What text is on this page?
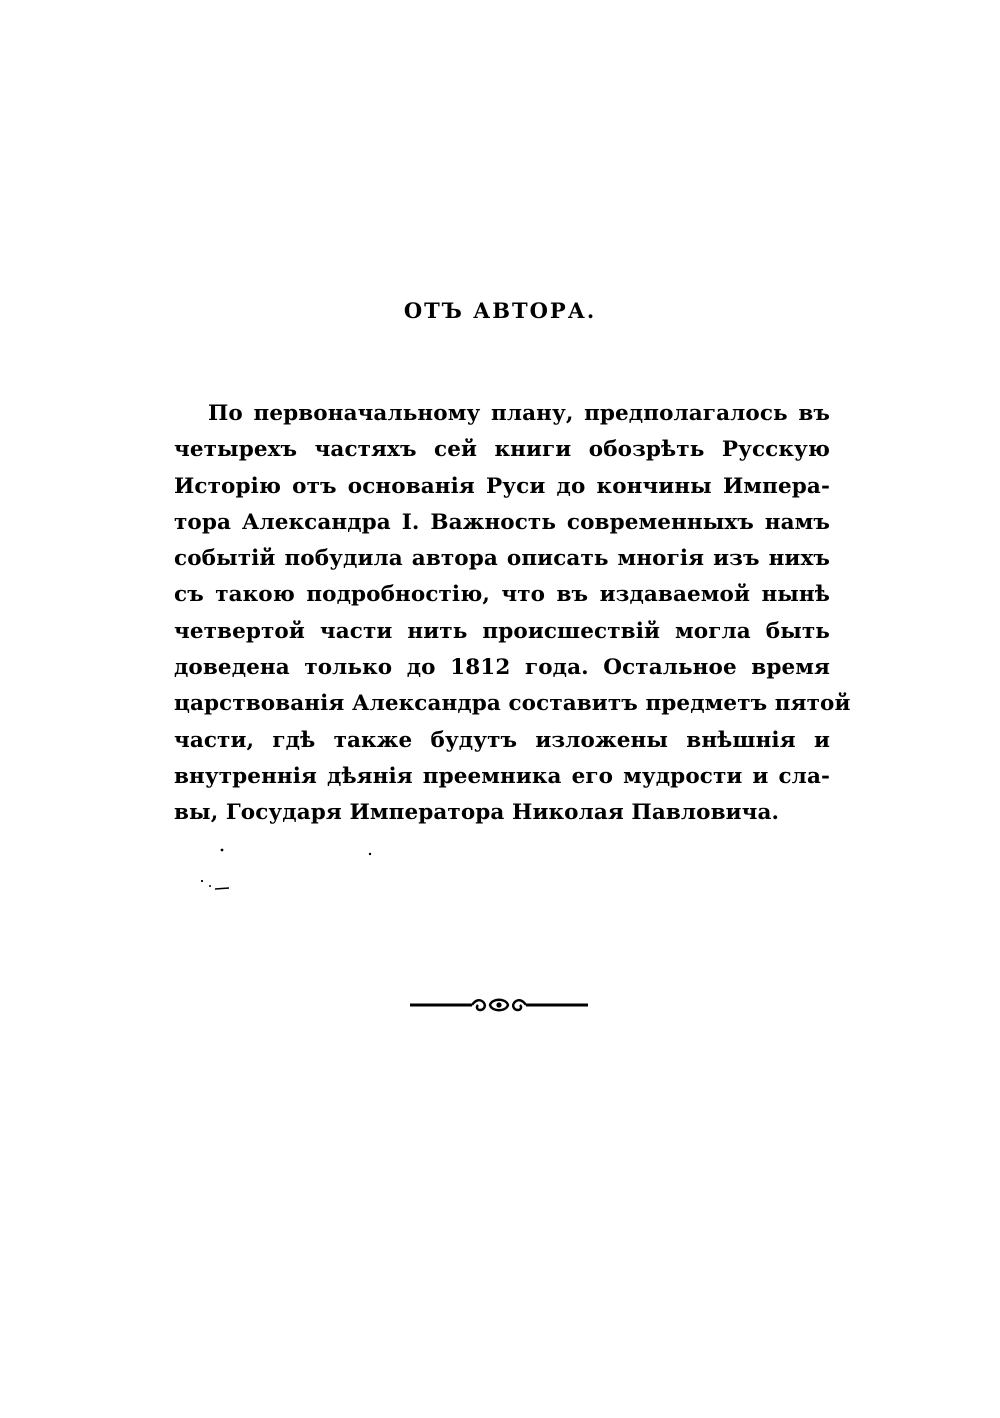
ОТЪ АВТОРА.
По первоначальному плану, предполагалось въ
четырехъ частяхъ сей книги обозрѣть Русскую
Исторію отъ основанія Руси до кончины Импера-
тора Александра I. Важность современныхъ намъ
событій побудила автора описать многія изъ нихъ
съ такою подробностію, что въ издаваемой нынѣ
четвертой части нить происшествій могла быть
доведена только до 1812 года. Остальное время
царствованія Александра составитъ предметъ пятой
части, гдѣ также будутъ изложены внѣшнія и
внутреннія дѣянія преемника его мудрости и сла-
вы, Государя Императора Николая Павловича.
